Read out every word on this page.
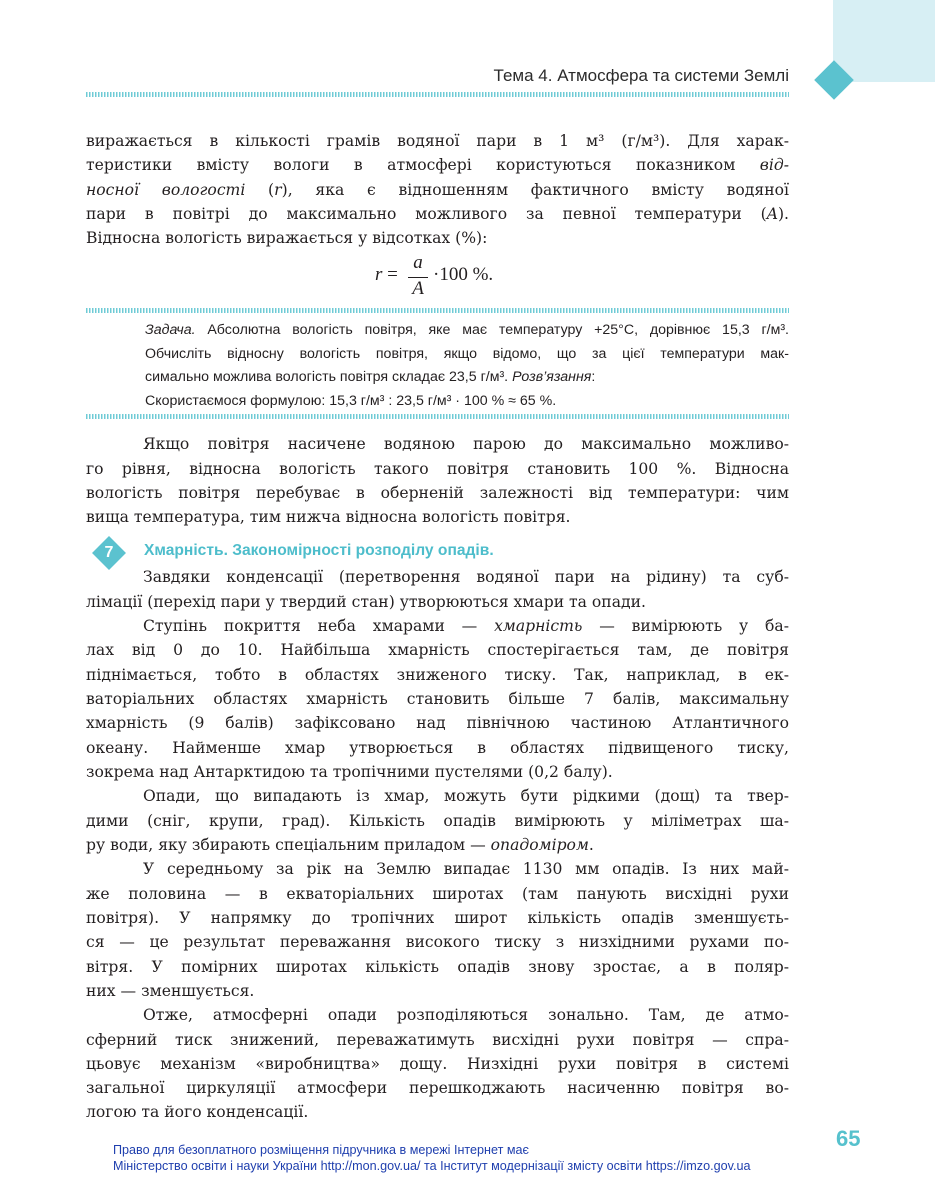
Тема 4. Атмосфера та системи Землі

виражається в кількості грамів водяної пари в 1 м³ (г/м³). Для харак-

теристики вмісту вологи в атмосфері користуються показником від-

носної вологості (r), яка є відношенням фактичного вмісту водяної

пари в повітрі до максимально можливого за певної температури (A).

Відносна вологість виражається у відсотках (%):

r =
a
A
·100 %.

Задача. Абсолютна вологість повітря, яке має температуру +25°С, дорівнює 15,3 г/м³.

Обчисліть відносну вологість повітря, якщо відомо, що за цієї температури мак-

симально можлива вологість повітря складає 23,5 г/м³. Розв’язання:

Скористаємося формулою: 15,3 г/м³ : 23,5 г/м³ · 100 % ≈ 65 %.

Якщо повітря насичене водяною парою до максимально можливо-

го рівня, відносна вологість такого повітря становить 100 %. Відносна

вологість повітря перебуває в оберненій залежності від температури: чим

вища температура, тим нижча відносна вологість повітря.

7	Хмарність. Закономірності розподілу опадів.

Завдяки конденсації (перетворення водяної пари на рідину) та суб-

лімації (перехід пари у твердий стан) утворюються хмари та опади.

Ступінь покриття неба хмарами — хмарність — вимірюють у ба-

лах від 0 до 10. Найбільша хмарність спостерігається там, де повітря

піднімається, тобто в областях зниженого тиску. Так, наприклад, в ек-

ваторіальних областях хмарність становить більше 7 балів, максимальну

хмарність (9 балів) зафіксовано над північною частиною Атлантичного

океану. Найменше хмар утворюється в областях підвищеного тиску,

зокрема над Антарктидою та тропічними пустелями (0,2 балу).

Опади, що випадають із хмар, можуть бути рідкими (дощ) та твер-

дими (сніг, крупи, град). Кількість опадів вимірюють у міліметрах ша-

ру води, яку збирають спеціальним приладом — опадоміром.

У середньому за рік на Землю випадає 1130 мм опадів. Із них май-

же половина — в екваторіальних широтах (там панують висхідні рухи

повітря). У напрямку до тропічних широт кількість опадів зменшуєть-

ся — це результат переважання високого тиску з низхідними рухами по-

вітря. У помірних широтах кількість опадів знову зростає, а в поляр-

них — зменшується.

Отже, атмосферні опади розподіляються зонально. Там, де атмо-

сферний тиск знижений, переважатимуть висхідні рухи повітря — спра-

цьовує механізм «виробництва» дощу. Низхідні рухи повітря в системі

загальної циркуляції атмосфери перешкоджають насиченню повітря во-

логою та його конденсації.

65
Право для безоплатного розміщення підручника в мережі Інтернет має
Міністерство освіти і науки України http://mon.gov.ua/ та Інститут модернізації змісту освіти https://imzo.gov.ua
